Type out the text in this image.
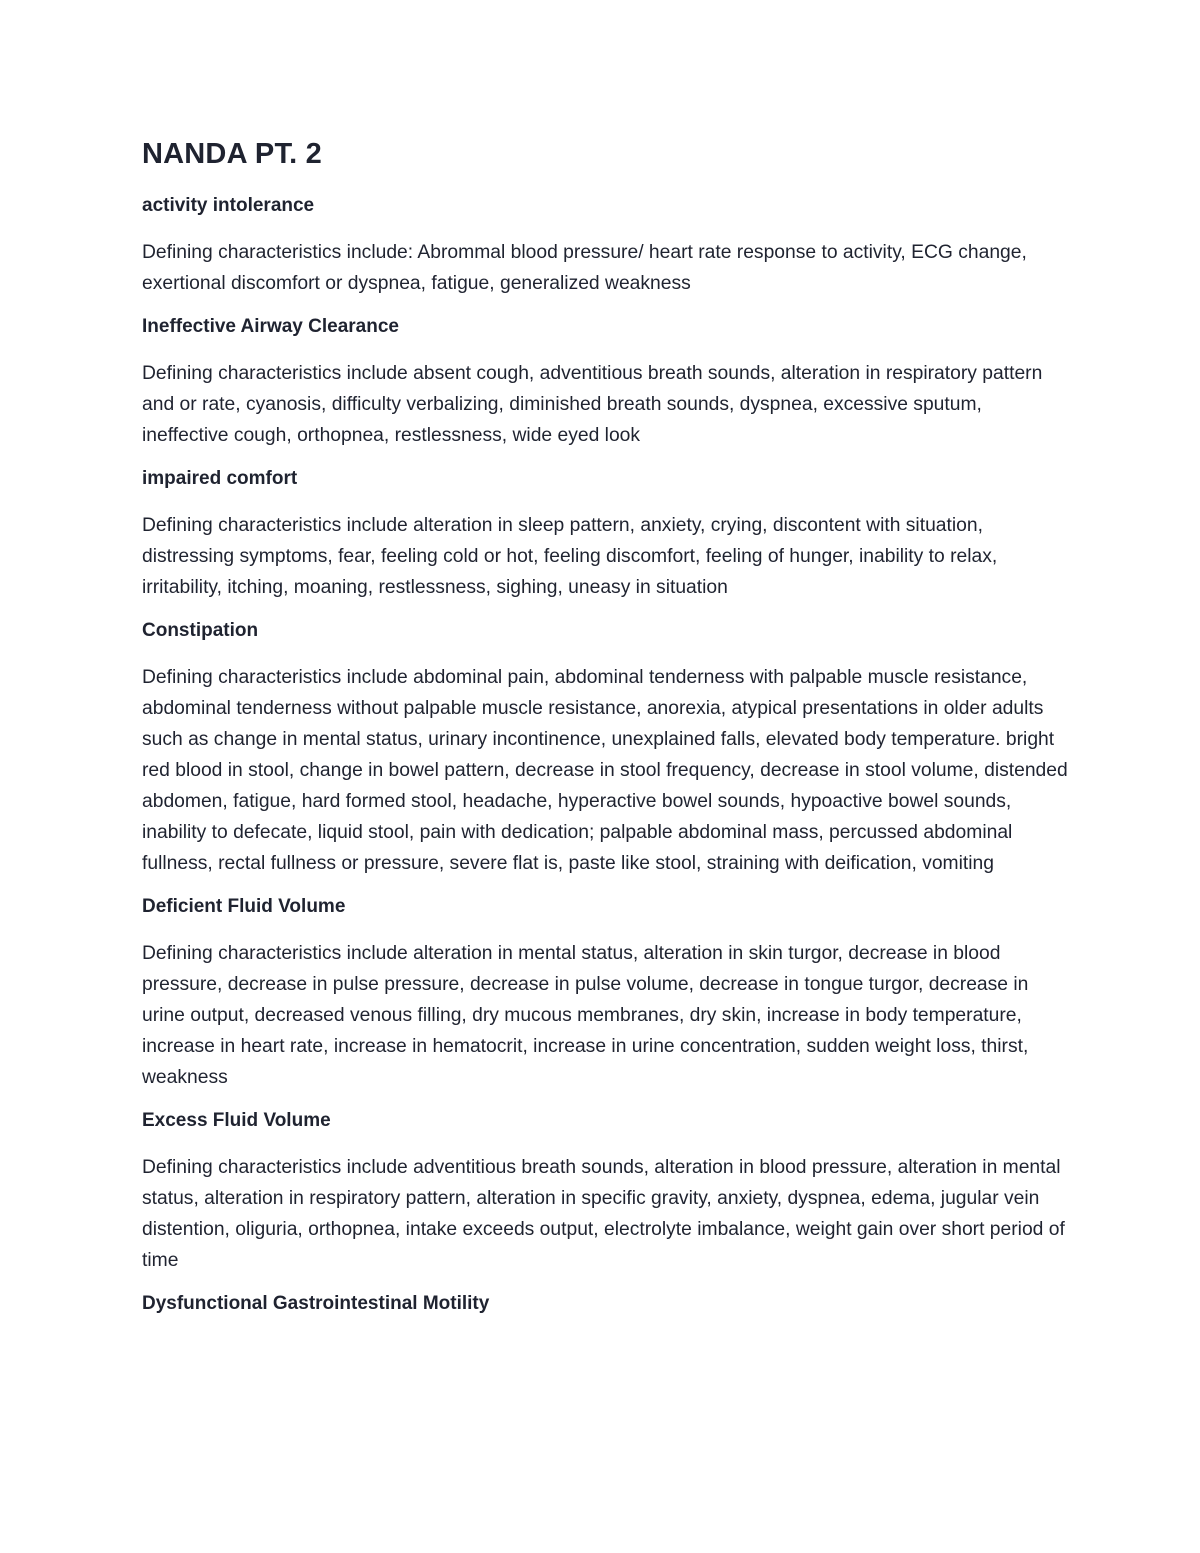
NANDA PT. 2
activity intolerance
Defining characteristics include: Abrommal blood pressure/ heart rate response to activity, ECG change, exertional discomfort or dyspnea, fatigue, generalized weakness
Ineffective Airway Clearance
Defining characteristics include absent cough, adventitious breath sounds, alteration in respiratory pattern and or rate, cyanosis, difficulty verbalizing, diminished breath sounds, dyspnea, excessive sputum, ineffective cough, orthopnea, restlessness, wide eyed look
impaired comfort
Defining characteristics include alteration in sleep pattern, anxiety, crying, discontent with situation, distressing symptoms, fear, feeling cold or hot, feeling discomfort, feeling of hunger, inability to relax, irritability, itching, moaning, restlessness, sighing, uneasy in situation
Constipation
Defining characteristics include abdominal pain, abdominal tenderness with palpable muscle resistance, abdominal tenderness without palpable muscle resistance, anorexia, atypical presentations in older adults such as change in mental status, urinary incontinence, unexplained falls, elevated body temperature. bright red blood in stool, change in bowel pattern, decrease in stool frequency, decrease in stool volume, distended abdomen, fatigue, hard formed stool, headache, hyperactive bowel sounds, hypoactive bowel sounds, inability to defecate, liquid stool, pain with dedication; palpable abdominal mass, percussed abdominal fullness, rectal fullness or pressure, severe flat is, paste like stool, straining with deification, vomiting
Deficient Fluid Volume
Defining characteristics include alteration in mental status, alteration in skin turgor, decrease in blood pressure, decrease in pulse pressure, decrease in pulse volume, decrease in tongue turgor, decrease in urine output, decreased venous filling, dry mucous membranes, dry skin, increase in body temperature, increase in heart rate, increase in hematocrit, increase in urine concentration, sudden weight loss, thirst, weakness
Excess Fluid Volume
Defining characteristics include adventitious breath sounds, alteration in blood pressure, alteration in mental status, alteration in respiratory pattern, alteration in specific gravity, anxiety, dyspnea, edema, jugular vein distention, oliguria, orthopnea, intake exceeds output, electrolyte imbalance, weight gain over short period of time
Dysfunctional Gastrointestinal Motility
